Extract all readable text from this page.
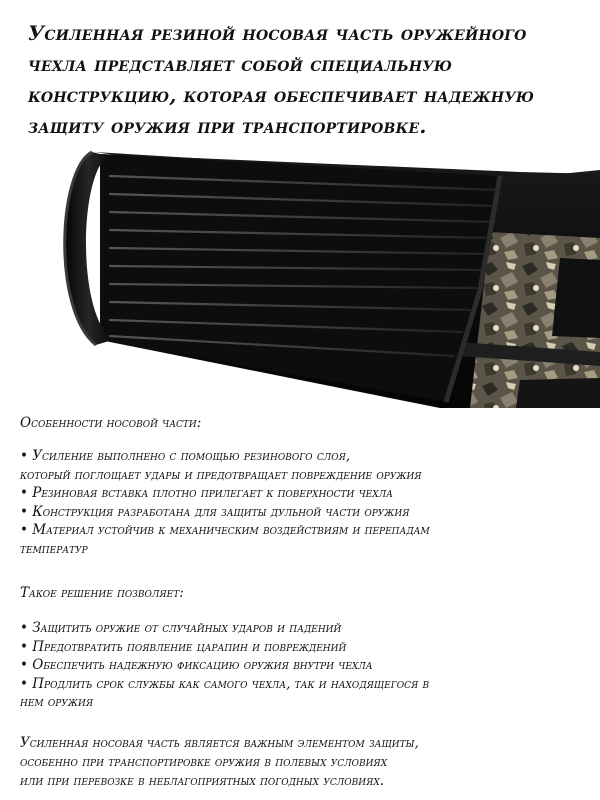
Усиленная резиной носовая часть оружейного чехла представляет собой специальную конструкцию, которая обеспечивает надежную защиту оружия при транспортировке.
Особенности носовой части:
• Усиление выполнено с помощью резинового слоя,
который поглощает удары и предотвращает повреждение оружия
• Резиновая вставка плотно прилегает к поверхности чехла
• Конструкция разработана для защиты дульной части оружия
• Материал устойчив к механическим воздействиям и перепадам
температур
Такое решение позволяет:
• Защитить оружие от случайных ударов и падений
• Предотвратить появление царапин и повреждений
• Обеспечить надежную фиксацию оружия внутри чехла
• Продлить срок службы как самого чехла, так и находящегося в
нем оружия
Усиленная носовая часть является важным элементом защиты,
особенно при транспортировке оружия в полевых условиях
или при перевозке в неблагоприятных погодных условиях.
